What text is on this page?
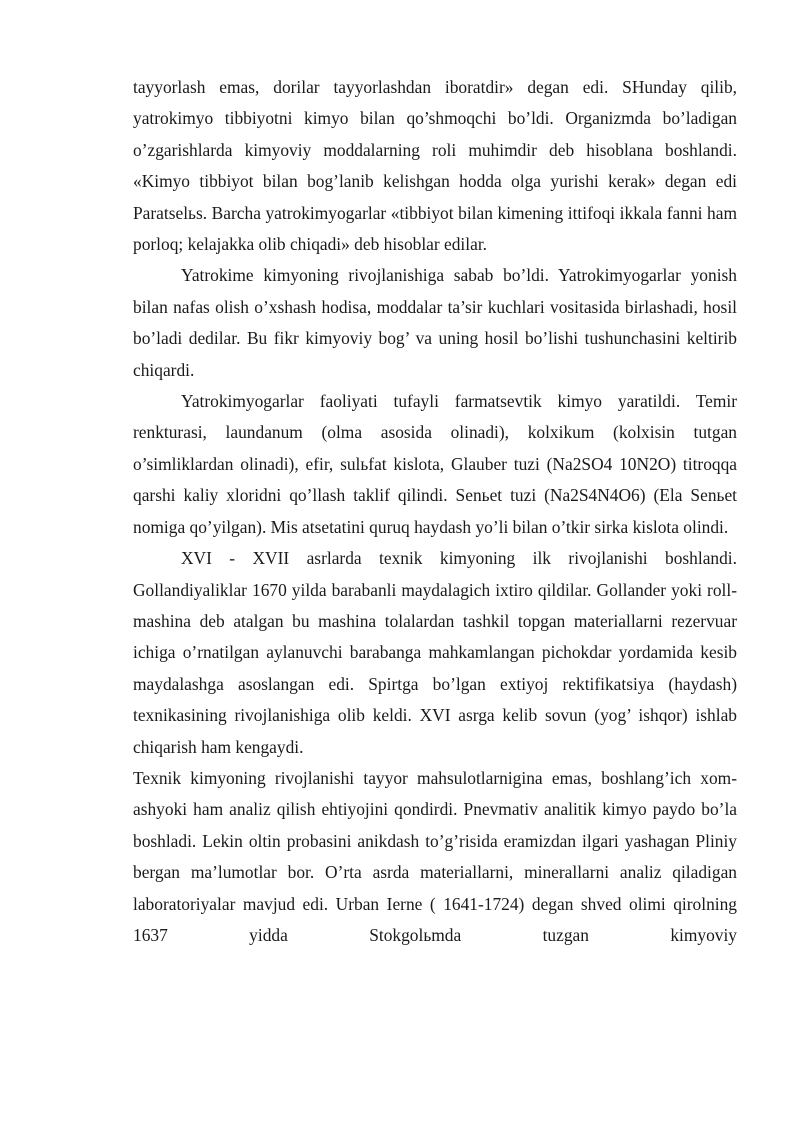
tayyorlash emas, dorilar tayyorlashdan iboratdir» degan edi. SHunday qilib, yatrokimyo tibbiyotni kimyo bilan qo’shmoqchi bo’ldi. Organizmda bo’ladigan o’zgarishlarda kimyoviy moddalarning roli muhimdir deb hisoblana boshlandi. «Kimyo tibbiyot bilan bog’lanib kelishgan hodda olga yurishi kerak» degan edi Paratselьs. Barcha yatrokimyogarlar «tibbiyot bilan kimening ittifoqi ikkala fanni ham porloq; kelajakka olib chiqadi» deb hisoblar edilar.

Yatrokime kimyoning rivojlanishiga sabab bo’ldi. Yatrokimyogarlar yonish bilan nafas olish o’xshash hodisa, moddalar ta’sir kuchlari vositasida birlashadi, hosil bo’ladi dedilar. Bu fikr kimyoviy bog’ va uning hosil bo’lishi tushunchasini keltirib chiqardi.

Yatrokimyogarlar faoliyati tufayli farmatsevtik kimyo yaratildi. Temir renkturasi, laundanum (olma asosida olinadi), kolxikum (kolxisin tutgan o’simliklardan olinadi), efir, sulьfat kislota, Glauber tuzi (Na2SO4 10N2O) titroqqa qarshi kaliy xloridni qo’llash taklif qilindi. Senьet tuzi (Na2S4N4O6) (Ela Senьet nomiga qo’yilgan). Mis atsetatini quruq haydash yo’li bilan o’tkir sirka kislota olindi.

XVI - XVII asrlarda texnik kimyoning ilk rivojlanishi boshlandi. Gollandiyaliklar 1670 yilda barabanli maydalagich ixtiro qildilar. Gollander yoki roll- mashina deb atalgan bu mashina tolalardan tashkil topgan materiallarni rezervuar ichiga o’rnatilgan aylanuvchi barabanga mahkamlangan pichokdar yordamida kesib maydalashga asoslangan edi. Spirtga bo’lgan extiyoj rektifikatsiya (haydash) texnikasining rivojlanishiga olib keldi. XVI asrga kelib sovun (yog’ ishqor) ishlab chiqarish ham kengaydi.

Texnik kimyoning rivojlanishi tayyor mahsulotlarnigina emas, boshlang’ich xom-ashyoki ham analiz qilish ehtiyojini qondirdi. Pnevmativ analitik kimyo paydo bo’la boshladi. Lekin oltin probasini anikdash to’g’risida eramizdan ilgari yashagan Pliniy bergan ma’lumotlar bor. O’rta asrda materiallarni, minerallarni analiz qiladigan laboratoriyalar mavjud edi. Urban Ierne ( 1641-1724) degan shved olimi qirolning 1637 yidda Stokgolьmda tuzgan kimyoviy
